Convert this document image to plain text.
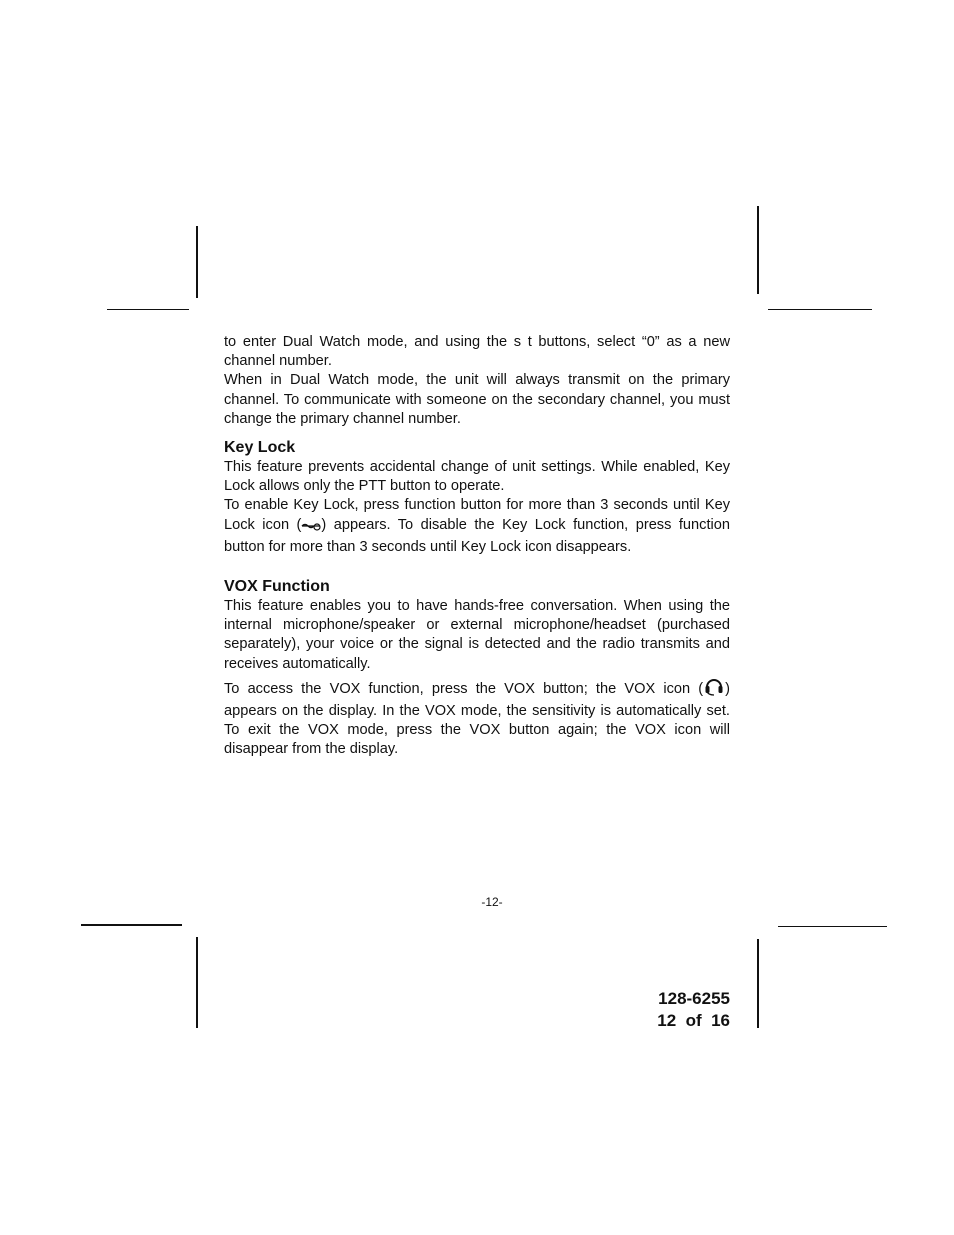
to enter Dual Watch mode, and using the s t buttons, select “0” as a new channel number.

When in Dual Watch mode, the unit will always transmit on the primary channel. To communicate with someone on the secondary channel, you must change the primary channel number.

Key Lock

This feature prevents accidental change of unit settings. While enabled, Key Lock allows only the PTT button to operate.

To enable Key Lock, press function button for more than 3 seconds until Key Lock icon ( ) appears. To disable the Key Lock function, press function button for more than 3 seconds until Key Lock icon disappears.

VOX Function

This feature enables you to have hands-free conversation. When using the internal microphone/speaker or external microphone/headset (purchased separately), your voice or the signal is detected and the radio transmits and receives automatically.

To access the VOX function, press the VOX button; the VOX icon ( ) appears on the display. In the VOX mode, the sensitivity is automatically set. To exit the VOX mode, press the VOX button again; the VOX icon will disappear from the display.

-12-
128-6255
12  of  16
